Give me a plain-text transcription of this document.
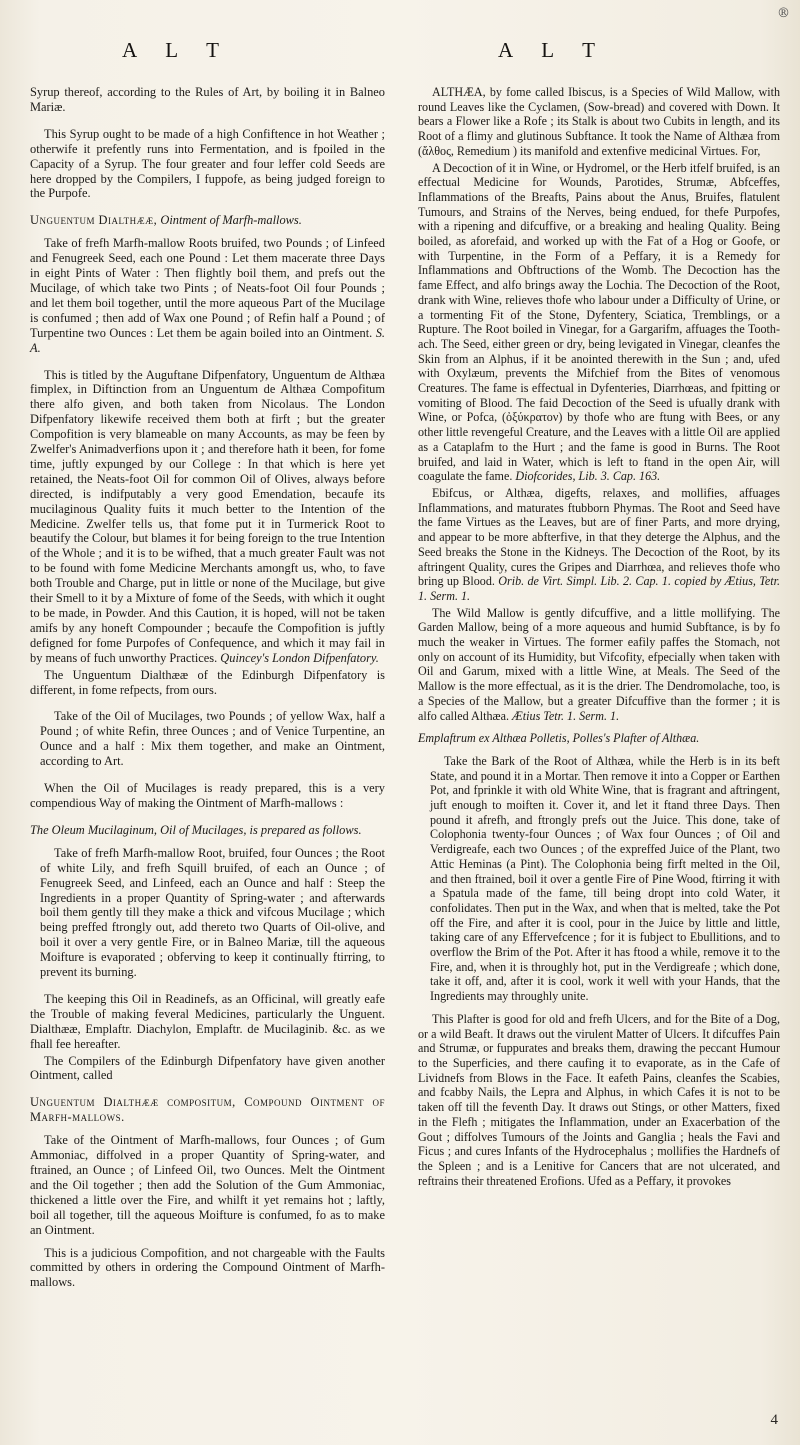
®
A L T	A L T

Syrup thereof, according to the Rules of Art, by boiling it in Balneo Mariæ.

This Syrup ought to be made of a high Confiftence in hot Weather ; otherwife it prefently runs into Fermentation, and is fpoiled in the Capacity of a Syrup. The four greater and four leffer cold Seeds are here dropped by the Compilers, I fuppofe, as being judged foreign to the Purpofe.

Unguentum Dialthææ, Ointment of Marfh-mallows.

Take of frefh Marfh-mallow Roots bruifed, two Pounds ; of Linfeed and Fenugreek Seed, each one Pound : Let them macerate three Days in eight Pints of Water : Then flightly boil them, and prefs out the Mucilage, of which take two Pints ; of Neats-foot Oil four Pounds ; and let them boil together, until the more aqueous Part of the Mucilage is confumed ; then add of Wax one Pound ; of Refin half a Pound ; of Turpentine two Ounces : Let them be again boiled into an Ointment. S. A.

This is titled by the Auguftane Difpenfatory, Unguentum de Althæa fimplex, in Diftinction from an Unguentum de Althæa Compofitum there alfo given, and both taken from Nicolaus. The London Difpenfatory likewife received them both at firft ; but the greater Compofition is very blameable on many Accounts, as may be feen by Zwelfer's Animadverfions upon it ; and therefore hath it been, for fome time, juftly expunged by our College : In that which is here yet retained, the Neats-foot Oil for common Oil of Olives, always before directed, is indifputably a very good Emendation, becaufe its mucilaginous Quality fuits it much better to the Intention of the Medicine. Zwelfer tells us, that fome put it in Turmerick Root to beautify the Colour, but blames it for being foreign to the true Intention of the Whole ; and it is to be wifhed, that a much greater Fault was not to be found with fome Medicine Merchants amongft us, who, to fave both Trouble and Charge, put in little or none of the Mucilage, but give their Smell to it by a Mixture of fome of the Seeds, with which it ought to be made, in Powder. And this Caution, it is hoped, will not be taken amifs by any honeft Compounder ; becaufe the Compofition is juftly defigned for fome Purpofes of Confequence, and which it may fail in by means of fuch unworthy Practices. Quincey's London Difpenfatory.

The Unguentum Dialthææ of the Edinburgh Difpenfatory is different, in fome refpects, from ours.

Take of the Oil of Mucilages, two Pounds ; of yellow Wax, half a Pound ; of white Refin, three Ounces ; and of Venice Turpentine, an Ounce and a half : Mix them together, and make an Ointment, according to Art.

When the Oil of Mucilages is ready prepared, this is a very compendious Way of making the Ointment of Marfh-mallows :

The Oleum Mucilaginum, Oil of Mucilages, is prepared as follows.

Take of frefh Marfh-mallow Root, bruifed, four Ounces ; the Root of white Lily, and frefh Squill bruifed, of each an Ounce ; of Fenugreek Seed, and Linfeed, each an Ounce and half : Steep the Ingredients in a proper Quantity of Spring-water ; and afterwards boil them gently till they make a thick and vifcous Mucilage ; which being preffed ftrongly out, add thereto two Quarts of Oil-olive, and boil it over a very gentle Fire, or in Balneo Mariæ, till the aqueous Moifture is evaporated ; obferving to keep it continually ftirring, to prevent its burning.

The keeping this Oil in Readinefs, as an Officinal, will greatly eafe the Trouble of making feveral Medicines, particularly the Unguent. Dialthææ, Emplaftr. Diachylon, Emplaftr. de Mucilaginib. &c. as we fhall fee hereafter.

The Compilers of the Edinburgh Difpenfatory have given another Ointment, called

Unguentum Dialthææ compositum, Compound Ointment of Marfh-mallows.

Take of the Ointment of Marfh-mallows, four Ounces ; of Gum Ammoniac, diffolved in a proper Quantity of Spring-water, and ftrained, an Ounce ; of Linfeed Oil, two Ounces. Melt the Ointment and the Oil together ; then add the Solution of the Gum Ammoniac, thickened a little over the Fire, and whilft it yet remains hot ; laftly, boil all together, till the aqueous Moifture is confumed, fo as to make an Ointment.

This is a judicious Compofition, and not chargeable with the Faults committed by others in ordering the Compound Ointment of Marfh-mallows.

ALTHÆA, by fome called Ibiscus, is a Species of Wild Mallow, with round Leaves like the Cyclamen, (Sow-bread) and covered with Down. It bears a Flower like a Rofe ; its Stalk is about two Cubits in length, and its Root of a flimy and glutinous Subftance. It took the Name of Althæa from (ἄλθος, Remedium ) its manifold and extenfive medicinal Virtues. For,

A Decoction of it in Wine, or Hydromel, or the Herb itfelf bruifed, is an effectual Medicine for Wounds, Parotides, Strumæ, Abfceffes, Inflammations of the Breafts, Pains about the Anus, Bruifes, flatulent Tumours, and Strains of the Nerves, being endued, for thefe Purpofes, with a ripening and difcuffive, or a breaking and healing Quality. Being boiled, as aforefaid, and worked up with the Fat of a Hog or Goofe, or with Turpentine, in the Form of a Peffary, it is a Remedy for Inflammations and Obftructions of the Womb. The Decoction has the fame Effect, and alfo brings away the Lochia. The Decoction of the Root, drank with Wine, relieves thofe who labour under a Difficulty of Urine, or a tormenting Fit of the Stone, Dyfentery, Sciatica, Tremblings, or a Rupture. The Root boiled in Vinegar, for a Gargarifm, affuages the Tooth-ach. The Seed, either green or dry, being levigated in Vinegar, cleanfes the Skin from an Alphus, if it be anointed therewith in the Sun ; and, ufed with Oxylæum, prevents the Mifchief from the Bites of venomous Creatures. The fame is effectual in Dyfenteries, Diarrhœas, and fpitting or vomiting of Blood. The faid Decoction of the Seed is ufually drank with Wine, or Pofca, (ὀξύκρατον) by thofe who are ftung with Bees, or any other little revengeful Creature, and the Leaves with a little Oil are applied as a Cataplafm to the Hurt ; and the fame is good in Burns. The Root bruifed, and laid in Water, which is left to ftand in the open Air, will coagulate the fame. Diofcorides, Lib. 3. Cap. 163.

Ebifcus, or Althæa, digefts, relaxes, and mollifies, affuages Inflammations, and maturates ftubborn Phymas. The Root and Seed have the fame Virtues as the Leaves, but are of finer Parts, and more drying, and appear to be more abfterfive, in that they deterge the Alphus, and the Seed breaks the Stone in the Kidneys. The Decoction of the Root, by its aftringent Quality, cures the Gripes and Diarrhœa, and relieves thofe who bring up Blood. Orib. de Virt. Simpl. Lib. 2. Cap. 1. copied by Ætius, Tetr. 1. Serm. 1.

The Wild Mallow is gently difcuffive, and a little mollifying. The Garden Mallow, being of a more aqueous and humid Subftance, is by fo much the weaker in Virtues. The former eafily paffes the Stomach, not only on account of its Humidity, but Vifcofity, efpecially when taken with Oil and Garum, mixed with a little Wine, at Meals. The Seed of the Mallow is the more effectual, as it is the drier. The Dendromolache, too, is a Species of the Mallow, but a greater Difcuffive than the former ; it is alfo called Althæa. Ætius Tetr. 1. Serm. 1.

Emplaftrum ex Althæa Polletis, Polles's Plafter of Althæa.

Take the Bark of the Root of Althæa, while the Herb is in its beft State, and pound it in a Mortar. Then remove it into a Copper or Earthen Pot, and fprinkle it with old White Wine, that is fragrant and aftringent, juft enough to moiften it. Cover it, and let it ftand three Days. Then pound it afrefh, and ftrongly prefs out the Juice. This done, take of Colophonia twenty-four Ounces ; of Wax four Ounces ; of Oil and Verdigreafe, each two Ounces ; of the expreffed Juice of the Plant, two Attic Heminas (a Pint). The Colophonia being firft melted in the Oil, and then ftrained, boil it over a gentle Fire of Pine Wood, ftirring it with a Spatula made of the fame, till being dropt into cold Water, it confolidates. Then put in the Wax, and when that is melted, take the Pot off the Fire, and after it is cool, pour in the Juice by little and little, taking care of any Effervefcence ; for it is fubject to Ebullitions, and to overflow the Brim of the Pot. After it has ftood a while, remove it to the Fire, and, when it is throughly hot, put in the Verdigreafe ; which done, take it off, and, after it is cool, work it well with your Hands, that the Ingredients may throughly unite.

This Plafter is good for old and frefh Ulcers, and for the Bite of a Dog, or a wild Beaft. It draws out the virulent Matter of Ulcers. It difcuffes Pain and Strumæ, or fuppurates and breaks them, drawing the peccant Humour to the Superficies, and there caufing it to evaporate, as in the Cafe of Lividnefs from Blows in the Face. It eafeth Pains, cleanfes the Scabies, and fcabby Nails, the Lepra and Alphus, in which Cafes it is not to be taken off till the feventh Day. It draws out Stings, or other Matters, fixed in the Flefh ; mitigates the Inflammation, under an Exacerbation of the Gout ; diffolves Tumours of the Joints and Ganglia ; heals the Favi and Ficus ; and cures Infants of the Hydrocephalus ; mollifies the Hardnefs of the Spleen ; and is a Lenitive for Cancers that are not ulcerated, and reftrains their threatened Erofions. Ufed as a Peffary, it provokes

4
